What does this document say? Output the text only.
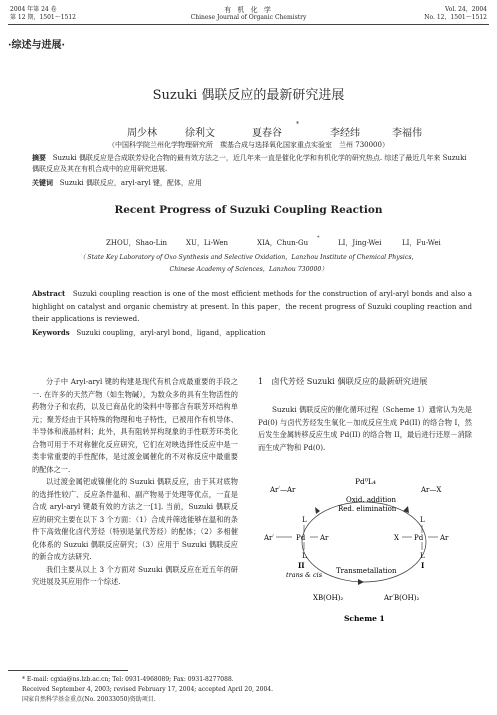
2004 年第 24 卷
第 12 期，1501～1512
有 机 化 学
Chinese Journal of Organic Chemistry
Vol. 24，2004
No. 12，1501～1512
·综述与进展·
Suzuki 偶联反应的最新研究进展
周少林	徐利文	夏春谷
*
李经纬	李福伟
（中国科学院兰州化学物理研究所　羰基合成与选择氧化国家重点实验室　兰州 730000）
摘要 Suzuki 偶联反应是合成联芳烃化合物的最有效方法之一，近几年来一直是催化化学和有机化学的研究热点. 综述了最近几年来 Suzuki 偶联反应及其在有机合成中的应用研究进展.
关键词 Suzuki 偶联反应，aryl-aryl 键，配体，应用
Recent Progress of Suzuki Coupling Reaction
ZHOU，Shao-Lin	XU，Li-Wen	XIA，Chun-Gu
*
LI，Jing-Wei	LI，Fu-Wei
（ State Key Laboratory of Oxo Synthesis and Selective Oxidation，Lanzhou Institute of Chemical Physics，
Chinese Academy of Sciences，Lanzhou 730000）
Abstract Suzuki coupling reaction is one of the most efficient methods for the construction of aryl-aryl bonds and also a highlight on catalyst and organic chemistry at present. In this paper，the recent progress of Suzuki coupling reaction and their applications is reviewed.
Keywords Suzuki coupling，aryl-aryl bond，ligand，application
分子中 Aryl-aryl 键的构建是现代有机合成最重要的手段之一. 在许多的天然产物（如生物碱），为数众多的具有生物活性的药物分子和农药，以及已商品化的染料中等都含有联芳环结构单元；聚芳烃由于其特殊的物理和电子特性，已被用作有机导体、半导体和液晶材料；此外，具有阻转异构现象的手性联芳环类化合物可用于不对称催化反应研究，它们在对映选择性反应中是一类非常重要的手性配体，是过渡金属催化的不对称反应中最重要的配体之一.
以过渡金属钯或镍催化的 Suzuki 偶联反应，由于其对底物的选择性较广、反应条件温和、副产物易于处理等优点，一直是合成 aryl-aryl 键最有效的方法之一[1]. 当前，Suzuki 偶联反应的研究主要在以下 3 个方面：（1）合成并筛选能够在温和的条件下高效催化卤代芳烃（特别是氯代芳烃）的配体；（2）多相催化体系的 Suzuki 偶联反应研究；（3）应用于 Suzuki 偶联反应的新合成方法研究.
我们主要从以上 3 个方面对 Suzuki 偶联反应在近五年的研究进展及其应用作一个综述.
1　卤代芳烃 Suzuki 偶联反应的最新研究进展
Suzuki 偶联反应的催化循环过程（Scheme 1）通常认为先是 Pd(0) 与卤代芳烃发生氧化－加成反应生成 Pd(II) 的络合物 I，然后发生金属转移反应生成 Pd(II) 的络合物 II，最后进行还原－消除而生成产物和 Pd(0).
Pd⁰L₄
Ar′—Ar	Ar—X
Oxid. addition
Red. elimination
L
Ar′	Pd Ar
L
II
trans & cis
L
X Pd Ar
L
I
Transmetallation
XB(OH)₂	Ar′B(OH)₂
Scheme 1
* E-mail: cgxia@ns.lzb.ac.cn; Tel: 0931-4968089; Fax: 0931-8277088.
Received September 4, 2003; revised February 17, 2004; accepted April 20, 2004.
国家自然科学基金重点(No. 20033050)资助项目.
